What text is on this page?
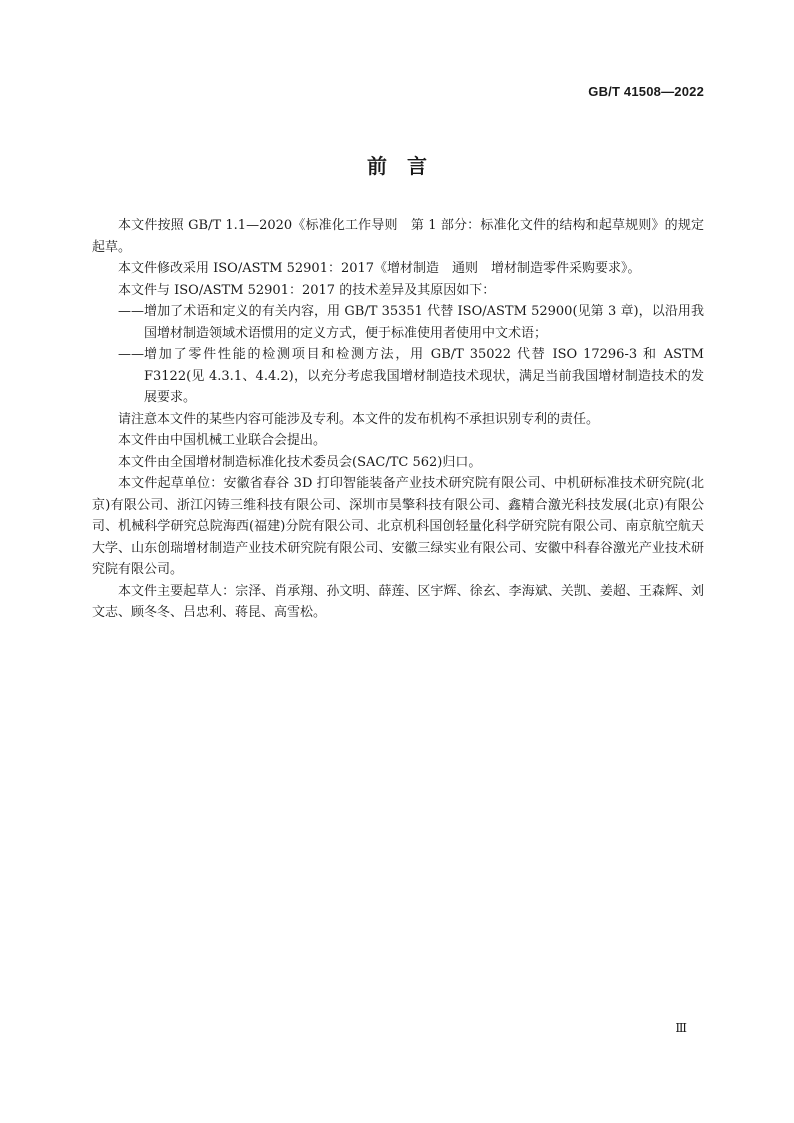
GB/T 41508—2022
前　言

本文件按照 GB/T 1.1—2020《标准化工作导则　第 1 部分：标准化文件的结构和起草规则》的规定起草。

本文件修改采用 ISO/ASTM 52901：2017《增材制造　通则　增材制造零件采购要求》。

本文件与 ISO/ASTM 52901：2017 的技术差异及其原因如下：

—— 增加了术语和定义的有关内容，用 GB/T 35351 代替 ISO/ASTM 52900(见第 3 章)，以沿用我国增材制造领域术语惯用的定义方式，便于标准使用者使用中文术语；
—— 增加了零件性能的检测项目和检测方法，用 GB/T 35022 代替 ISO 17296-3 和 ASTM F3122(见 4.3.1、4.4.2)，以充分考虑我国增材制造技术现状，满足当前我国增材制造技术的发展要求。

请注意本文件的某些内容可能涉及专利。本文件的发布机构不承担识别专利的责任。

本文件由中国机械工业联合会提出。

本文件由全国增材制造标准化技术委员会(SAC/TC 562)归口。

本文件起草单位：安徽省春谷 3D 打印智能装备产业技术研究院有限公司、中机研标准技术研究院(北京)有限公司、浙江闪铸三维科技有限公司、深圳市昊擎科技有限公司、鑫精合激光科技发展(北京)有限公司、机械科学研究总院海西(福建)分院有限公司、北京机科国创轻量化科学研究院有限公司、南京航空航天大学、山东创瑞增材制造产业技术研究院有限公司、安徽三绿实业有限公司、安徽中科春谷激光产业技术研究院有限公司。

本文件主要起草人：宗泽、肖承翔、孙文明、薛莲、区宇辉、徐玄、李海斌、关凯、姜超、王森辉、刘文志、顾冬冬、吕忠利、蒋昆、高雪松。

Ⅲ
